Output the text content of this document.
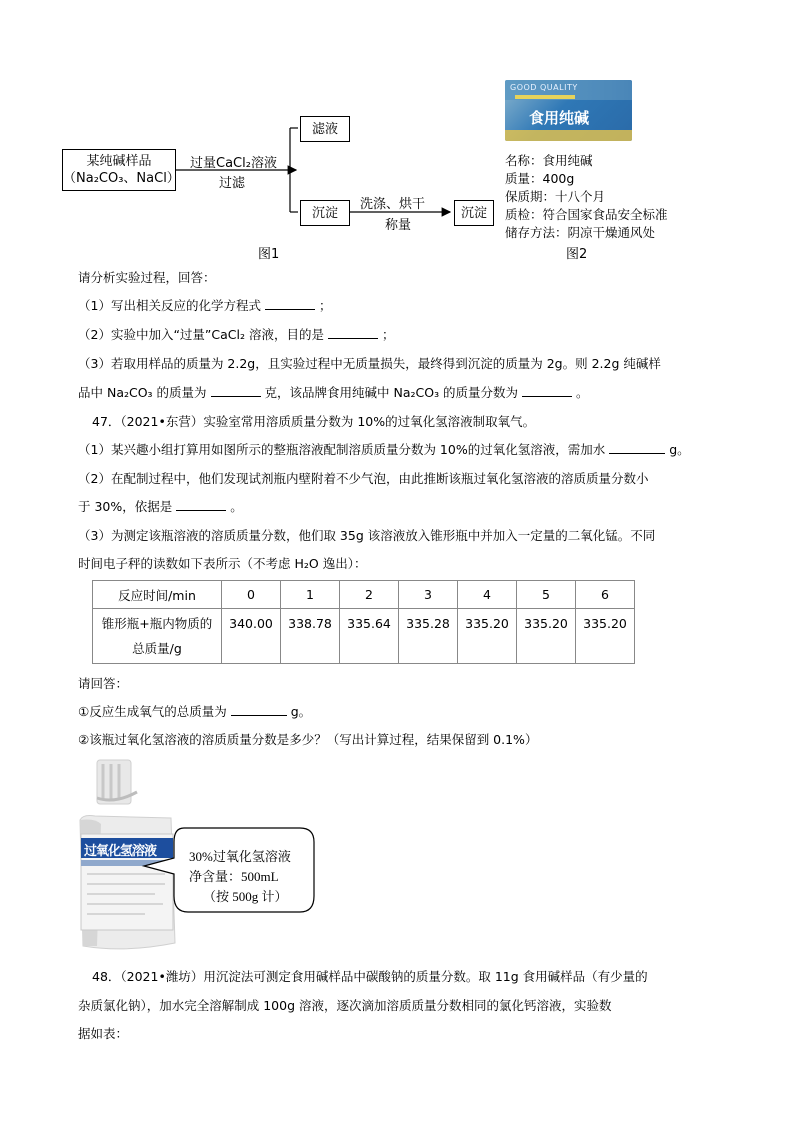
某纯碱样品
（Na₂CO₃、NaCl）
过量CaCl₂溶液
过滤
滤液
沉淀
洗涤、烘干
称量
沉淀
图1
GOOD QUALITY
食用纯碱
名称：食用纯碱
质量：400g
保质期：十八个月
质检：符合国家食品安全标准
储存方法：阴凉干燥通风处
图2
请分析实验过程，回答：
（1）写出相关反应的化学方程式	；
（2）实验中加入“过量”CaCl₂ 溶液，目的是	；
（3）若取用样品的质量为 2.2g，且实验过程中无质量损失，最终得到沉淀的质量为 2g。则 2.2g 纯碱样
品中 Na₂CO₃ 的质量为	克，该品牌食用纯碱中 Na₂CO₃ 的质量分数为	。
47．（2021•东营）实验室常用溶质质量分数为 10%的过氧化氢溶液制取氧气。
（1）某兴趣小组打算用如图所示的整瓶溶液配制溶质质量分数为 10%的过氧化氢溶液，需加水	g。
（2）在配制过程中，他们发现试剂瓶内壁附着不少气泡，由此推断该瓶过氧化氢溶液的溶质质量分数小
于 30%，依据是	。
（3）为测定该瓶溶液的溶质质量分数，他们取 35g 该溶液放入锥形瓶中并加入一定量的二氧化锰。不同
时间电子秤的读数如下表所示（不考虑 H₂O 逸出）：
反应时间/min	0	1	2	3	4	5	6

锥形瓶+瓶内物质的
总质量/g	340.00	338.78	335.64	335.28	335.20	335.20	335.20
请回答：
①反应生成氧气的总质量为	g。
②该瓶过氧化氢溶液的溶质质量分数是多少？（写出计算过程，结果保留到 0.1%）
过氧化氢溶液	30%过氧化氢溶液
净含量：500mL
（按 500g 计）
48．（2021•潍坊）用沉淀法可测定食用碱样品中碳酸钠的质量分数。取 11g 食用碱样品（有少量的
杂质氯化钠），加水完全溶解制成 100g 溶液，逐次滴加溶质质量分数相同的氯化钙溶液，实验数
据如表：
